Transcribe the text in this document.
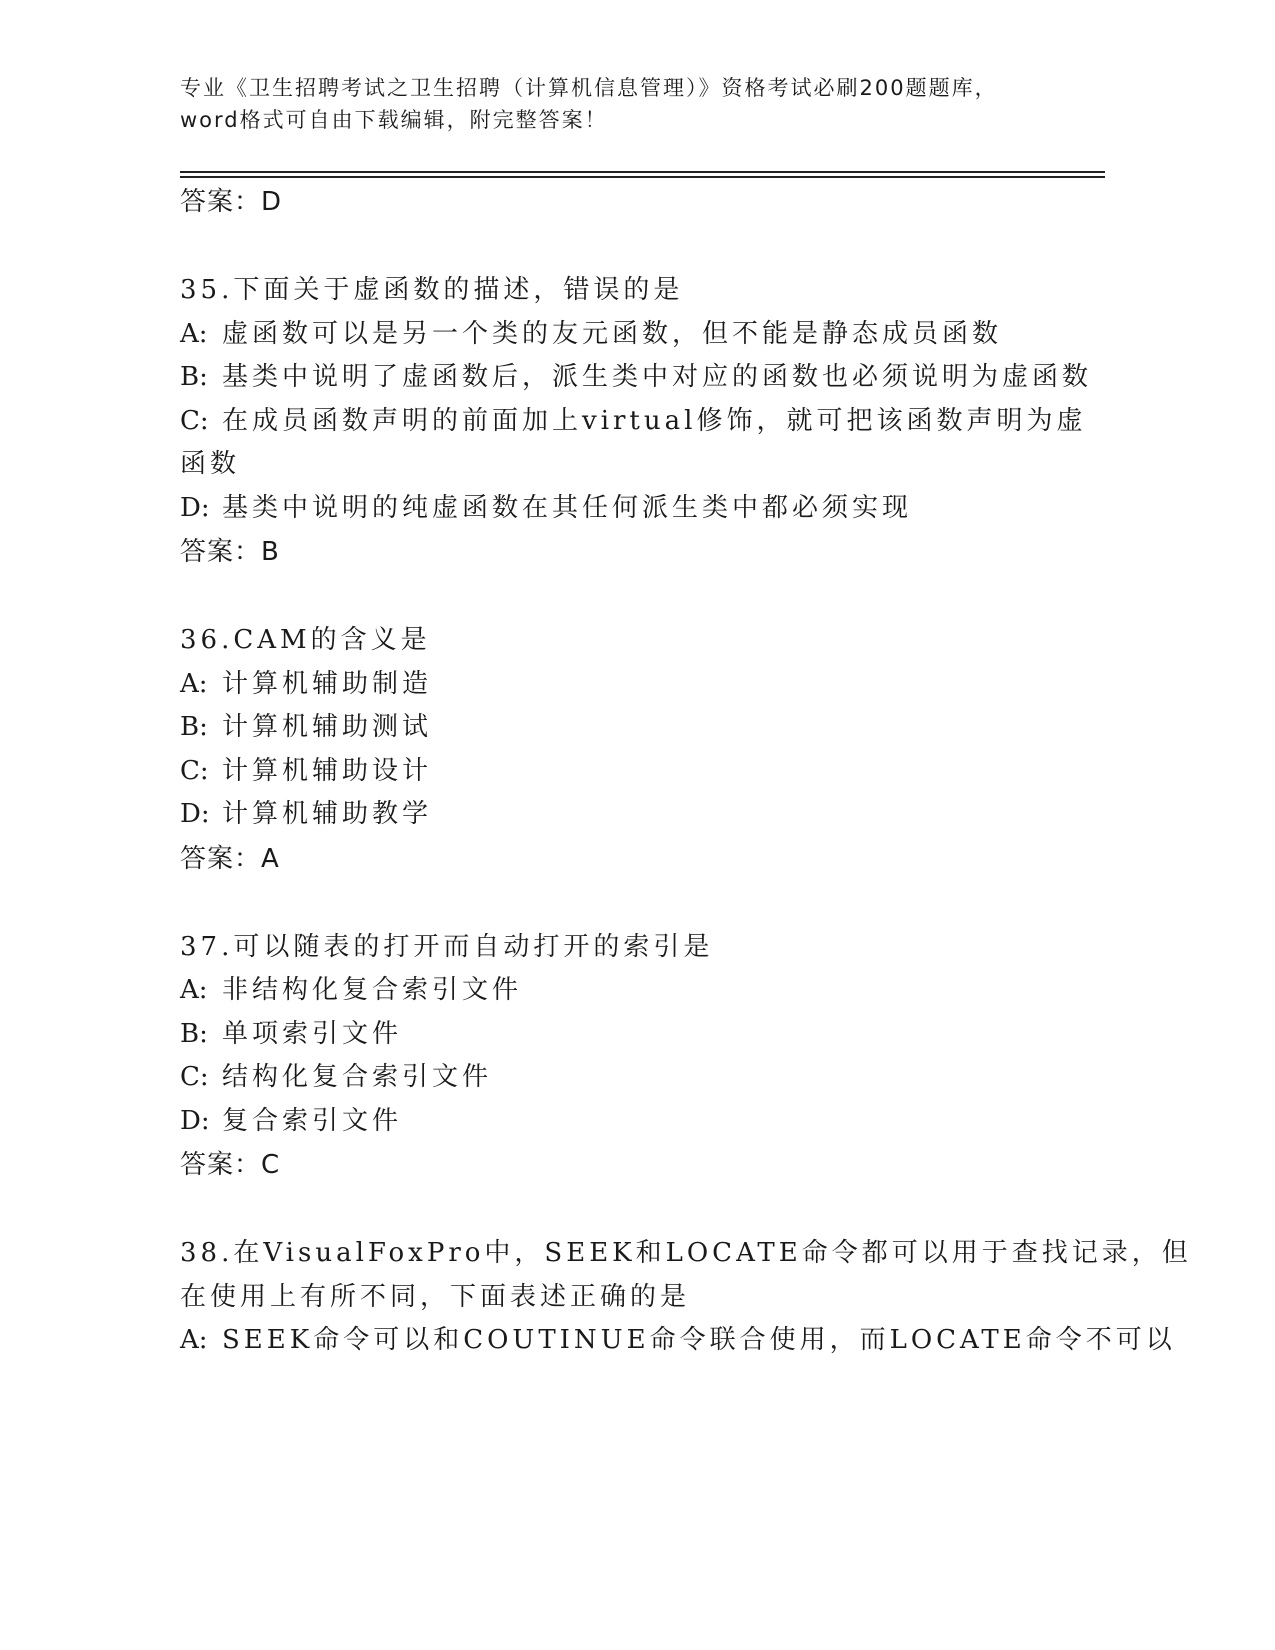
专业《卫生招聘考试之卫生招聘（计算机信息管理）》资格考试必刷200题题库，
word格式可自由下载编辑，附完整答案！
答案：D
35.下面关于虚函数的描述，错误的是
A: 虚函数可以是另一个类的友元函数，但不能是静态成员函数
B: 基类中说明了虚函数后，派生类中对应的函数也必须说明为虚函数
C: 在成员函数声明的前面加上virtual修饰，就可把该函数声明为虚
函数
D: 基类中说明的纯虚函数在其任何派生类中都必须实现
答案：B
36.CAM的含义是
A: 计算机辅助制造
B: 计算机辅助测试
C: 计算机辅助设计
D: 计算机辅助教学
答案：A
37.可以随表的打开而自动打开的索引是
A: 非结构化复合索引文件
B: 单项索引文件
C: 结构化复合索引文件
D: 复合索引文件
答案：C
38.在VisualFoxPro中，SEEK和LOCATE命令都可以用于查找记录，但
在使用上有所不同，下面表述正确的是
A: SEEK命令可以和COUTINUE命令联合使用，而LOCATE命令不可以
